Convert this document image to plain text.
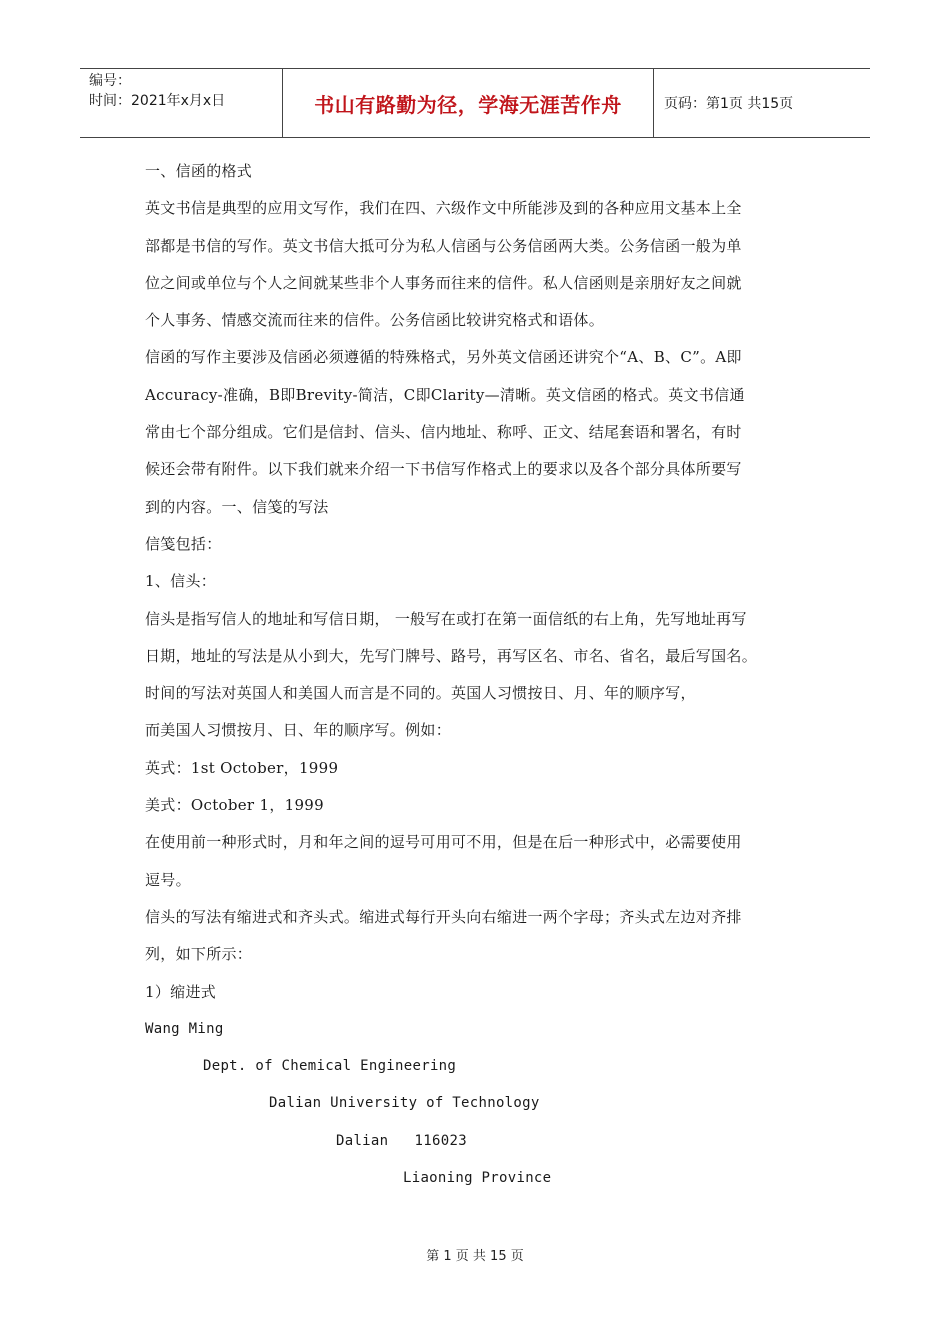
编号：
时间：2021年x月x日	书山有路勤为径，学海无涯苦作舟	页码：第1页 共15页
一、信函的格式
英文书信是典型的应用文写作，我们在四、六级作文中所能涉及到的各种应用文基本上全
部都是书信的写作。英文书信大抵可分为私人信函与公务信函两大类。公务信函一般为单
位之间或单位与个人之间就某些非个人事务而往来的信件。私人信函则是亲朋好友之间就
个人事务、情感交流而往来的信件。公务信函比较讲究格式和语体。
信函的写作主要涉及信函必须遵循的特殊格式，另外英文信函还讲究个“A、B、C”。A即
Accuracy-准确，B即Brevity-简洁，C即Clarity—清晰。英文信函的格式。英文书信通
常由七个部分组成。它们是信封、信头、信内地址、称呼、正文、结尾套语和署名，有时
候还会带有附件。以下我们就来介绍一下书信写作格式上的要求以及各个部分具体所要写
到的内容。一、信笺的写法
信笺包括：
1、信头：
信头是指写信人的地址和写信日期， 一般写在或打在第一面信纸的右上角，先写地址再写
日期，地址的写法是从小到大，先写门牌号、路号，再写区名、市名、省名，最后写国名。
时间的写法对英国人和美国人而言是不同的。英国人习惯按日、月、年的顺序写，
而美国人习惯按月、日、年的顺序写。例如：
英式：1st October，1999
美式：October 1，1999
在使用前一种形式时，月和年之间的逗号可用可不用，但是在后一种形式中，必需要使用
逗号。
信头的写法有缩进式和齐头式。缩进式每行开头向右缩进一两个字母；齐头式左边对齐排
列，如下所示：
1）缩进式
Wang Ming
Dept. of Chemical Engineering
Dalian University of Technology
Dalian   116023
Liaoning Province
第 1 页 共 15 页
